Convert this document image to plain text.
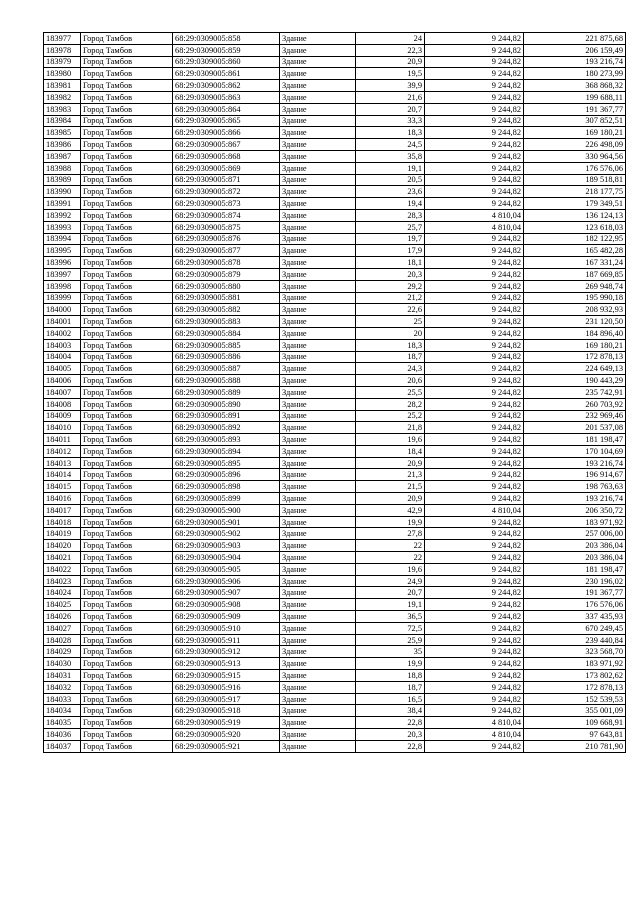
183977	Город Тамбов	68:29:0309005:858	Здание	24	9 244,82	221 875,68
183978	Город Тамбов	68:29:0309005:859	Здание	22,3	9 244,82	206 159,49
183979	Город Тамбов	68:29:0309005:860	Здание	20,9	9 244,82	193 216,74
183980	Город Тамбов	68:29:0309005:861	Здание	19,5	9 244,82	180 273,99
183981	Город Тамбов	68:29:0309005:862	Здание	39,9	9 244,82	368 868,32
183982	Город Тамбов	68:29:0309005:863	Здание	21,6	9 244,82	199 688,11
183983	Город Тамбов	68:29:0309005:864	Здание	20,7	9 244,82	191 367,77
183984	Город Тамбов	68:29:0309005:865	Здание	33,3	9 244,82	307 852,51
183985	Город Тамбов	68:29:0309005:866	Здание	18,3	9 244,82	169 180,21
183986	Город Тамбов	68:29:0309005:867	Здание	24,5	9 244,82	226 498,09
183987	Город Тамбов	68:29:0309005:868	Здание	35,8	9 244,82	330 964,56
183988	Город Тамбов	68:29:0309005:869	Здание	19,1	9 244,82	176 576,06
183989	Город Тамбов	68:29:0309005:871	Здание	20,5	9 244,82	189 518,81
183990	Город Тамбов	68:29:0309005:872	Здание	23,6	9 244,82	218 177,75
183991	Город Тамбов	68:29:0309005:873	Здание	19,4	9 244,82	179 349,51
183992	Город Тамбов	68:29:0309005:874	Здание	28,3	4 810,04	136 124,13
183993	Город Тамбов	68:29:0309005:875	Здание	25,7	4 810,04	123 618,03
183994	Город Тамбов	68:29:0309005:876	Здание	19,7	9 244,82	182 122,95
183995	Город Тамбов	68:29:0309005:877	Здание	17,9	9 244,82	165 482,28
183996	Город Тамбов	68:29:0309005:878	Здание	18,1	9 244,82	167 331,24
183997	Город Тамбов	68:29:0309005:879	Здание	20,3	9 244,82	187 669,85
183998	Город Тамбов	68:29:0309005:880	Здание	29,2	9 244,82	269 948,74
183999	Город Тамбов	68:29:0309005:881	Здание	21,2	9 244,82	195 990,18
184000	Город Тамбов	68:29:0309005:882	Здание	22,6	9 244,82	208 932,93
184001	Город Тамбов	68:29:0309005:883	Здание	25	9 244,82	231 120,50
184002	Город Тамбов	68:29:0309005:884	Здание	20	9 244,82	184 896,40
184003	Город Тамбов	68:29:0309005:885	Здание	18,3	9 244,82	169 180,21
184004	Город Тамбов	68:29:0309005:886	Здание	18,7	9 244,82	172 878,13
184005	Город Тамбов	68:29:0309005:887	Здание	24,3	9 244,82	224 649,13
184006	Город Тамбов	68:29:0309005:888	Здание	20,6	9 244,82	190 443,29
184007	Город Тамбов	68:29:0309005:889	Здание	25,5	9 244,82	235 742,91
184008	Город Тамбов	68:29:0309005:890	Здание	28,2	9 244,82	260 703,92
184009	Город Тамбов	68:29:0309005:891	Здание	25,2	9 244,82	232 969,46
184010	Город Тамбов	68:29:0309005:892	Здание	21,8	9 244,82	201 537,08
184011	Город Тамбов	68:29:0309005:893	Здание	19,6	9 244,82	181 198,47
184012	Город Тамбов	68:29:0309005:894	Здание	18,4	9 244,82	170 104,69
184013	Город Тамбов	68:29:0309005:895	Здание	20,9	9 244,82	193 216,74
184014	Город Тамбов	68:29:0309005:896	Здание	21,3	9 244,82	196 914,67
184015	Город Тамбов	68:29:0309005:898	Здание	21,5	9 244,82	198 763,63
184016	Город Тамбов	68:29:0309005:899	Здание	20,9	9 244,82	193 216,74
184017	Город Тамбов	68:29:0309005:900	Здание	42,9	4 810,04	206 350,72
184018	Город Тамбов	68:29:0309005:901	Здание	19,9	9 244,82	183 971,92
184019	Город Тамбов	68:29:0309005:902	Здание	27,8	9 244,82	257 006,00
184020	Город Тамбов	68:29:0309005:903	Здание	22	9 244,82	203 386,04
184021	Город Тамбов	68:29:0309005:904	Здание	22	9 244,82	203 386,04
184022	Город Тамбов	68:29:0309005:905	Здание	19,6	9 244,82	181 198,47
184023	Город Тамбов	68:29:0309005:906	Здание	24,9	9 244,82	230 196,02
184024	Город Тамбов	68:29:0309005:907	Здание	20,7	9 244,82	191 367,77
184025	Город Тамбов	68:29:0309005:908	Здание	19,1	9 244,82	176 576,06
184026	Город Тамбов	68:29:0309005:909	Здание	36,5	9 244,82	337 435,93
184027	Город Тамбов	68:29:0309005:910	Здание	72,5	9 244,82	670 249,45
184028	Город Тамбов	68:29:0309005:911	Здание	25,9	9 244,82	239 440,84
184029	Город Тамбов	68:29:0309005:912	Здание	35	9 244,82	323 568,70
184030	Город Тамбов	68:29:0309005:913	Здание	19,9	9 244,82	183 971,92
184031	Город Тамбов	68:29:0309005:915	Здание	18,8	9 244,82	173 802,62
184032	Город Тамбов	68:29:0309005:916	Здание	18,7	9 244,82	172 878,13
184033	Город Тамбов	68:29:0309005:917	Здание	16,5	9 244,82	152 539,53
184034	Город Тамбов	68:29:0309005:918	Здание	38,4	9 244,82	355 001,09
184035	Город Тамбов	68:29:0309005:919	Здание	22,8	4 810,04	109 668,91
184036	Город Тамбов	68:29:0309005:920	Здание	20,3	4 810,04	97 643,81
184037	Город Тамбов	68:29:0309005:921	Здание	22,8	9 244,82	210 781,90
